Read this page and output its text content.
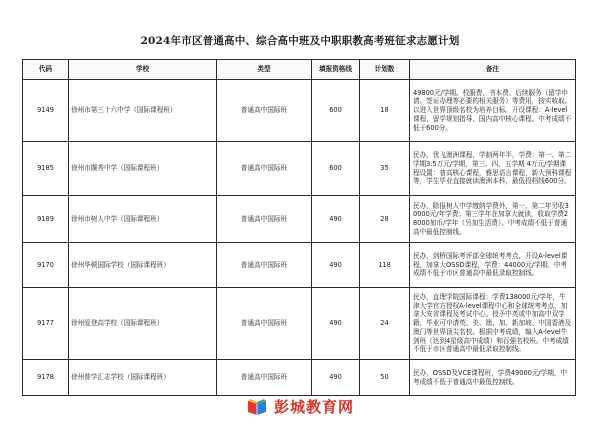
2024年市区普通高中、综合高中班及中职职教高考班征求志愿计划
代码	学校	类型	填报资格线	计划数	备注
9149	徐州市第三十六中学（国际课程班）	普通高中国际班	600	18	49800元/学期。校服费、书本费、后续服务（留学申请、签证办理等必要的相关服务）等费用，按实收取。以进入世界顶级名校为培养目标。开设课程：A-level课程，留学规划指导，国内高中核心课程。中考成绩不低于600分。
9185	徐州市撷秀中学（国际课程班）	普通高中国际班	600	35	民办，优飞澳洲课程，学制两年半，学费：第一、第二学期3.5万元/学期，第三、四、五学期 4万元/学期课程设置：普高核心课程，雅思语言课程，新大预科课程等，学生毕业直接就读澳洲本科，最低投档线600分。
9189	徐州市树人中学（国际课程班）	普通高中国际班	490	28	民办，除报树人中学缴纳学费外，第一、第二年另收30000元/年学费；第三学年在加拿大就读，收取学费28000加币/学年（另加生活费）。中考成绩不低于普通高中最低控制线。
9170	徐州华顿国际学校（国际课程班）	普通高中国际班	490	118	民办，剑桥国际考评部全球统考考点，开设A-level课程，加拿大OSSD课程，学费：44000元/学期。中考成绩不低于市区普通高中最低录取控制线。
9177	徐州爱登高学校（国际课程班）	普通高中国际班	490	24	民办，直理学院国际课程：学费138000元/学年，牛津大学官方授权A-level课程中心和全球统考考点，加拿大安省课程及考试中心。授予中英或中加高中双学籍，毕业可申请英、美、澳、加、新加坡、中国香港及澳门等世界顶尖名校。根据中考成绩，编入A-level牛剑班（达到4星级高中成绩）和百强名校班。中考成绩不低于市区普通高中最低录取控制线。
9178	徐州普学汇志学校（国际课程班）	普通高中国际班	490	50	民办，OSSD及VCE课程班，学费49000元/学期，中考成绩不低于普通高中最低控制线。
彭城教育网
